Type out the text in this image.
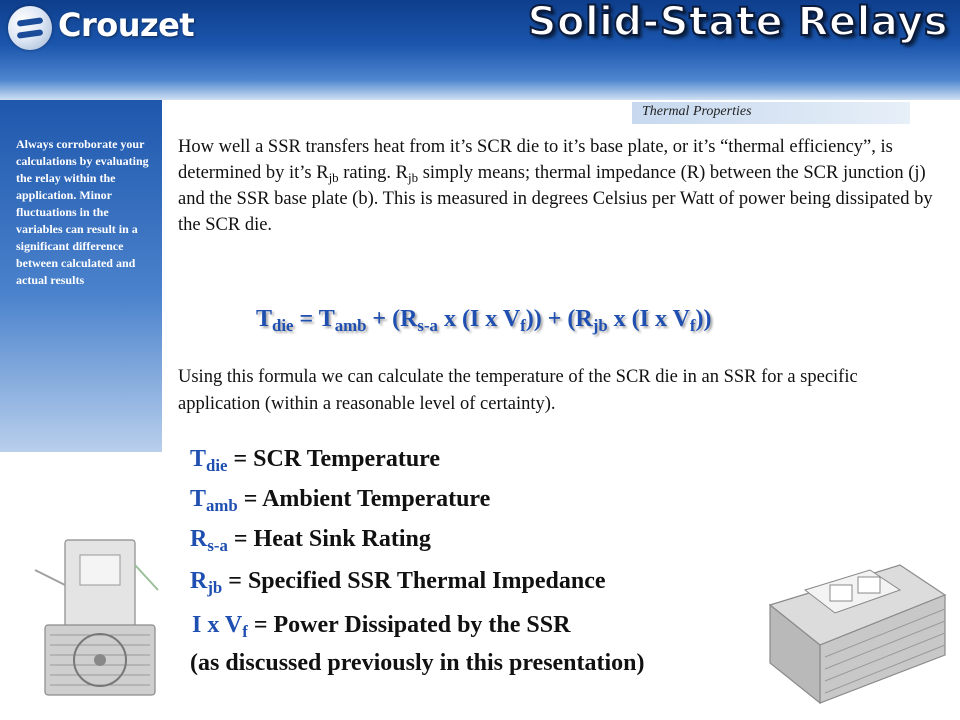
Crouzet	Solid-State Relays
Thermal Properties
Always corroborate your calculations by evaluating the relay within the application. Minor fluctuations in the variables can result in a significant difference between calculated and actual results
How well a SSR transfers heat from it’s SCR die to it’s base plate, or it’s “thermal efficiency”, is determined by it’s $R_{jb}$ rating. $R_{jb}$ simply means; thermal impedance (R) between the SCR junction (j) and the SSR base plate (b). This is measured in degrees Celsius per Watt of power being dissipated by the SCR die.
$T_{die} = T_{amb} + (R_{s-a}$ x (I x $V_f)) + (R_{jb}$ x (I x $V_f$))
Using this formula we can calculate the temperature of the SCR die in an SSR for a specific application (within a reasonable level of certainty).
$T_{die}$ = SCR Temperature
$T_{amb}$ = Ambient Temperature
$R_{s-a}$ = Heat Sink Rating
$R_{jb}$ = Specified SSR Thermal Impedance
I x $V_f$ = Power Dissipated by the SSR
(as discussed previously in this presentation)
